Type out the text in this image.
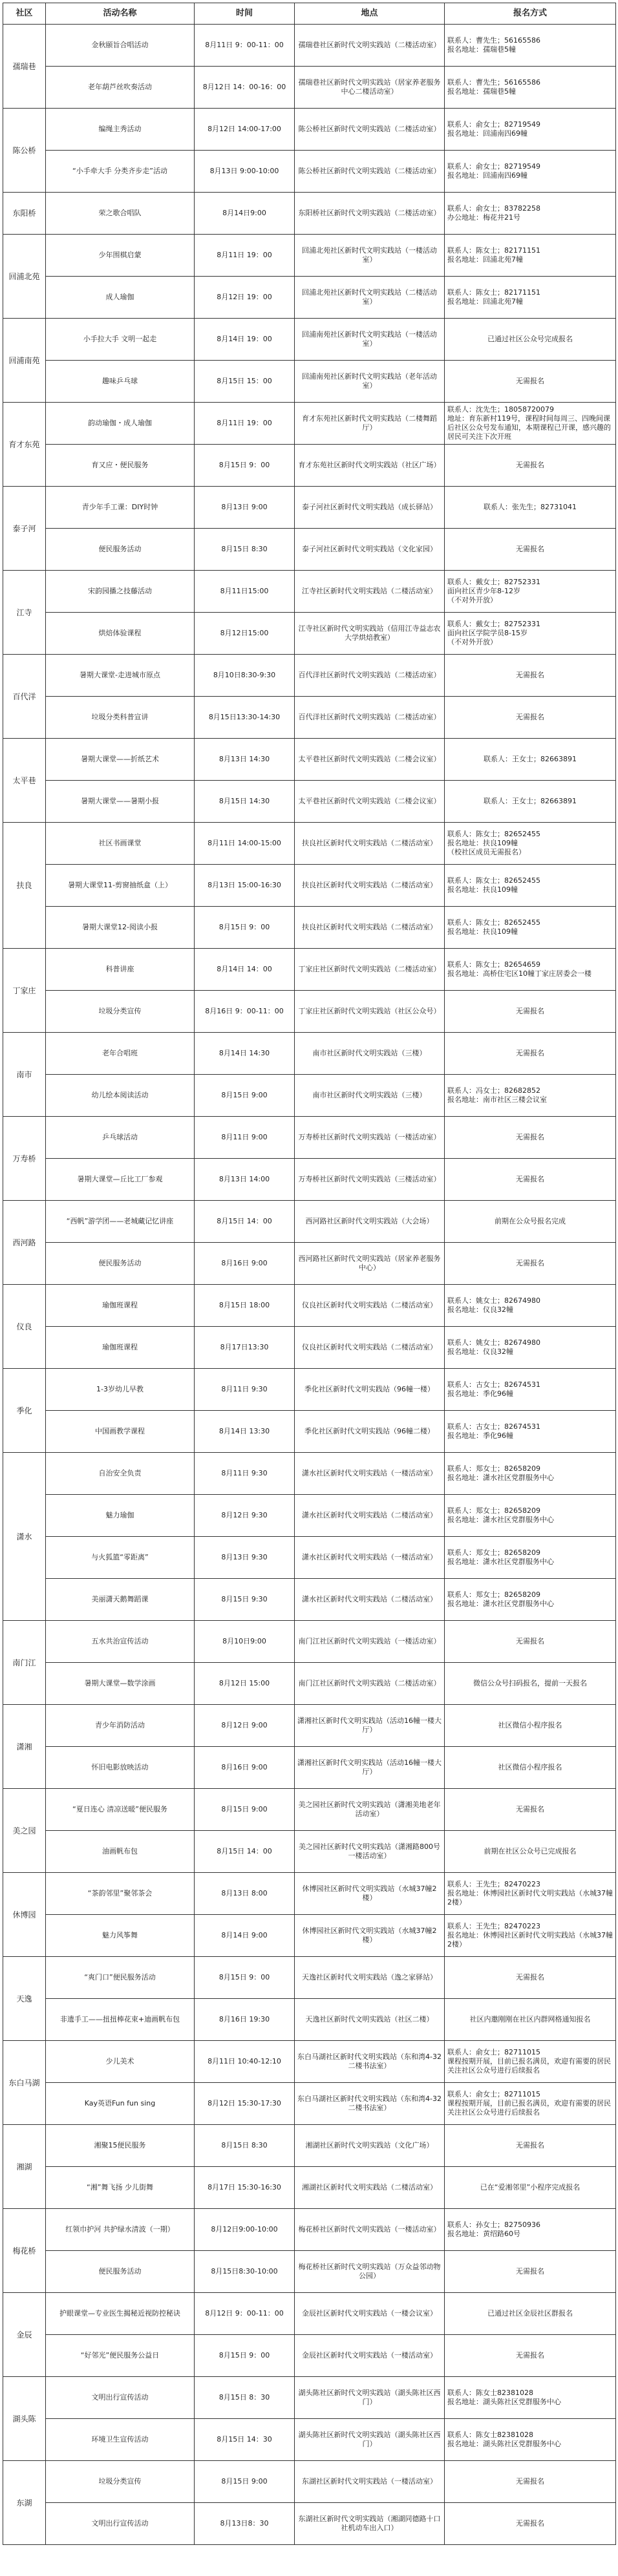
社区	活动名称	时间	地点	报名方式
孺瑞巷	金秋颐旨合唱活动	8月11日 9：00-11：00	孺瑞巷社区新时代文明实践站（二楼活动室）	联系人：曹先生；56165586
报名地址：孺瑞巷5幢
	老年葫芦丝吹奏活动	8月12日 14：00-16：00	孺瑞巷社区新时代文明实践站（居家养老服务中心二楼活动室）	联系人：曹先生；56165586
报名地址：孺瑞巷5幢
陈公桥	编绳主秀活动	8月12日 14:00-17:00	陈公桥社区新时代文明实践站（二楼活动室）	联系人：俞女士；82719549
报名地址：回浦南四69幢
	“小手牵大手 分类齐步走”活动	8月13日 9:00-10:00	陈公桥社区新时代文明实践站（二楼活动室）	联系人：俞女士；82719549
报名地址：回浦南四69幢
东阳桥	荣之歌合唱队	8月14日9:00	东阳桥社区新时代文明实践站（二楼活动室）	联系人：俞女士；83782258
办公地址：梅花井21号
回浦北苑	少年围棋启蒙	8月11日 19：00	回浦北苑社区新时代文明实践站（一楼活动室）	联系人：陈女士；82171151
报名地址：回浦北苑7幢
	成人瑜伽	8月12日 19：00	回浦北苑社区新时代文明实践站（二楼活动室）	联系人：陈女士；82171151
报名地址：回浦北苑7幢
回浦南苑	小手拉大手 文明一起走	8月14日 19：00	回浦南苑社区新时代文明实践站（一楼活动室）	已通过社区公众号完成报名
	趣味乒乓球	8月15日 15：00	回浦南苑社区新时代文明实践站（老年活动室）	无需报名
育才东苑	韵动瑜伽・成人瑜伽	8月11日 19：00	育才东苑社区新时代文明实践站（二楼舞蹈厅）	联系人：沈先生；18058720079
地址：育东新村119号，课程时间每周三、四晚间课后社区公众号发布通知，本期课程已开课，感兴趣的居民可关注下次开班
	育又应・便民服务	8月15日 9：00	育才东苑社区新时代文明实践站（社区广场）	无需报名
泰子河	青少年手工课：DIY时钟	8月13日 9:00	泰子河社区新时代文明实践站（成长驿站）	联系人：张先生；82731041
	便民服务活动	8月15日 8:30	泰子河社区新时代文明实践站（文化家园）	无需报名
江寺	宋韵园播之技藤活动	8月11日15:00	江寺社区新时代文明实践站（二楼活动室）	联系人：戴女士；82752331
面向社区青少年8-12岁
（不对外开放）
	烘焙体验课程	8月12日15:00	江寺社区新时代文明实践站（信用江寺益志农大学烘焙教室）	联系人：戴女士；82752331
面向社区学院学员8-15岁
（不对外开放）
百代洋	暑期大课堂-走进城市原点	8月10日8:30-9:30	百代洋社区新时代文明实践站（二楼活动室）	无需报名
	垃圾分类科普宣讲	8月15日13:30-14:30	百代洋社区新时代文明实践站（二楼活动室）	无需报名
太平巷	暑期大课堂——折纸艺术	8月13日 14:30	太平巷社区新时代文明实践站（二楼会议室）	联系人：王女士；82663891
	暑期大课堂——暑期小报	8月15日 14:30	太平巷社区新时代文明实践站（二楼会议室）	联系人：王女士；82663891
扶良	社区书画课堂	8月11日 14:00-15:00	扶良社区新时代文明实践站（二楼活动室）	联系人：陈女士；82652455
报名地址：扶良109幢
（校社区成员无需报名）
	暑期大课堂11-剪窗抽纸盒（上）	8月13日 15:00-16:30	扶良社区新时代文明实践站（二楼活动室）	联系人：陈女士；82652455
报名地址：扶良109幢
	暑期大课堂12-阅读小报	8月15日 9：00	扶良社区新时代文明实践站（二楼活动室）	联系人：陈女士；82652455
报名地址：扶良109幢
丁家庄	科普讲座	8月14日 14：00	丁家庄社区新时代文明实践站（二楼活动室）	联系人：陈女士；82654659
报名地址：高桥住宅区10幢丁家庄居委会一楼
	垃圾分类宣传	8月16日 9：00-11：00	丁家庄社区新时代文明实践站（社区公众号）	无需报名
南市	老年合唱班	8月14日 14:30	南市社区新时代文明实践站（三楼）	无需报名
	幼儿绘本阅读活动	8月15日 9:00	南市社区新时代文明实践站（三楼）	联系人：冯女士；82682852
报名地址：南市社区三楼会议室
万寿桥	乒乓球活动	8月11日 9:00	万寿桥社区新时代文明实践站（一楼活动室）	无需报名
	暑期大课堂—丘比工厂参观	8月13日 14:00	万寿桥社区新时代文明实践站（三楼活动室）	无需报名
西河路	“西帆”游学团——老城藏记忆讲座	8月15日 14：00	西河路社区新时代文明实践站（大会场）	前期在公众号报名完成
	便民服务活动	8月16日 9:00	西河路社区新时代文明实践站（居家养老服务中心）	无需报名
仪良	瑜伽班课程	8月15日 18:00	仪良社区新时代文明实践站（二楼活动室）	联系人：姚女士；82674980
报名地址：仪良32幢
	瑜伽班课程	8月17日13:30	仪良社区新时代文明实践站（二楼活动室）	联系人：姚女士；82674980
报名地址：仪良32幢
季化	1-3岁幼儿早教	8月11日 9:30	季化社区新时代文明实践站（96幢一楼）	联系人：古女士；82674531
报名地址：季化96幢
	中国画教学课程	8月14日 13:30	季化社区新时代文明实践站（96幢二楼）	联系人：古女士；82674531
报名地址：季化96幢
潇水	自治安全负责	8月11日 9:30	潇水社区新时代文明实践站（一楼活动室）	联系人：郑女士；82658209
报名地址：潇水社区党群服务中心
	魅力瑜伽	8月12日 9:30	潇水社区新时代文明实践站（二楼活动室）	联系人：郑女士；82658209
报名地址：潇水社区党群服务中心
	与火狐篮“零距离”	8月13日 9:30	潇水社区新时代文明实践站（一楼活动室）	联系人：郑女士；82658209
报名地址：潇水社区党群服务中心
	美丽潇天鹅舞蹈课	8月15日 9:30	潇水社区新时代文明实践站（二楼活动室）	联系人：郑女士；82658209
报名地址：潇水社区党群服务中心
南门江	五水共治宣传活动	8月10日9:00	南门江社区新时代文明实践站（一楼活动室）	无需报名
	暑期大课堂—数学涂画	8月12日 15:00	南门江社区新时代文明实践站（二楼活动室）	微信公众号扫码报名，提前一天报名
潇湘	青少年消防活动	8月12日 9:00	潇湘社区新时代文明实践站（活动16幢一楼大厅）	社区微信小程序报名
	怀旧电影放映活动	8月16日 9:00	潇湘社区新时代文明实践站（活动16幢一楼大厅）	社区微信小程序报名
美之园	“夏日连心 清凉送暖”便民服务	8月15日 9:00	美之园社区新时代文明实践站（潇湘美地老年活动室）	无需报名
	油画帆布包	8月15日 14：00	美之园社区新时代文明实践站（潇湘路800号一楼活动室）	前期在社区公众号已完成报名
休博园	“茶韵邻里”聚邻茶会	8月13日 8:00	休博园社区新时代文明实践站（水城37幢2楼）	联系人：王先生；82470223
报名地址：休博园社区新时代文明实践站（水城37幢2楼）
	魅力风筝舞	8月14日 9:00	休博园社区新时代文明实践站（水城37幢2楼）	联系人：王先生；82470223
报名地址：休博园社区新时代文明实践站（水城37幢2楼）
天逸	“爽门口”便民服务活动	8月15日 9：00	天逸社区新时代文明实践站（逸之家驿站）	无需报名
	非遗手工——扭扭棒花束+迪画帆布包	8月16日 19:30	天逸社区新时代文明实践站（社区二楼）	社区内邀刚刚在社区内群网格通知报名
东白马湖	少儿美术	8月11日 10:40-12:10	东白马湖社区新时代文明实践站（东和湾4-32二楼书法室）	联系人：俞女士；82711015
课程按期开展，目前已报名满员，欢迎有需要的居民关注社区公众号进行后续报名
	Kay英语Fun fun sing	8月12日 15:30-17:30	东白马湖社区新时代文明实践站（东和湾4-32二楼书法室）	联系人：俞女士；82711015
课程按期开展，目前已报名满员，欢迎有需要的居民关注社区公众号进行后续报名
湘湖	湘聚15便民服务	8月15日 8:30	湘湖社区新时代文明实践站（文化广场）	无需报名
	“湘”舞飞扬 少儿街舞	8月17日 15:30-16:30	湘湖社区新时代文明实践站（二楼活动室）	已在“爱湘邻里”小程序完成报名
梅花桥	红领巾护河 共护绿水清波（一期）	8月12日9:00-10:00	梅花桥社区新时代文明实践站（一楼活动室）	联系人：孙女士；82750936
报名地址：黄绍路60号
	便民服务活动	8月15日8:30-10:00	梅花桥社区新时代文明实践站（万众益邻动物公园）	无需报名
金辰	护眼课堂—专业医生揭秘近视防控秘诀	8月12日 9：00-11：00	金辰社区新时代文明实践站（一楼会议室）	已通过社区金辰社区群报名
	“好邻光”便民服务公益日	8月15日 9：00	金辰社区新时代文明实践站（一楼活动室）	无需报名
湖头陈	文明出行宣传活动	8月15日 8：30	湖头陈社区新时代文明实践站（湖头陈社区西门）	联系人：陈女士82381028
报名地址：湖头陈社区党群服务中心
	环境卫生宣传活动	8月15日 14：30	湖头陈社区新时代文明实践站（湖头陈社区西门）	联系人：陈女士82381028
报名地址：湖头陈社区党群服务中心
东湖	垃圾分类宣传	8月15日 9:00	东湖社区新时代文明实践站（一楼活动室）	无需报名
	文明出行宣传活动	8月13日8：30	东湖社区新时代文明实践站（湘湖同德路十口社机动车出入口）	无需报名
